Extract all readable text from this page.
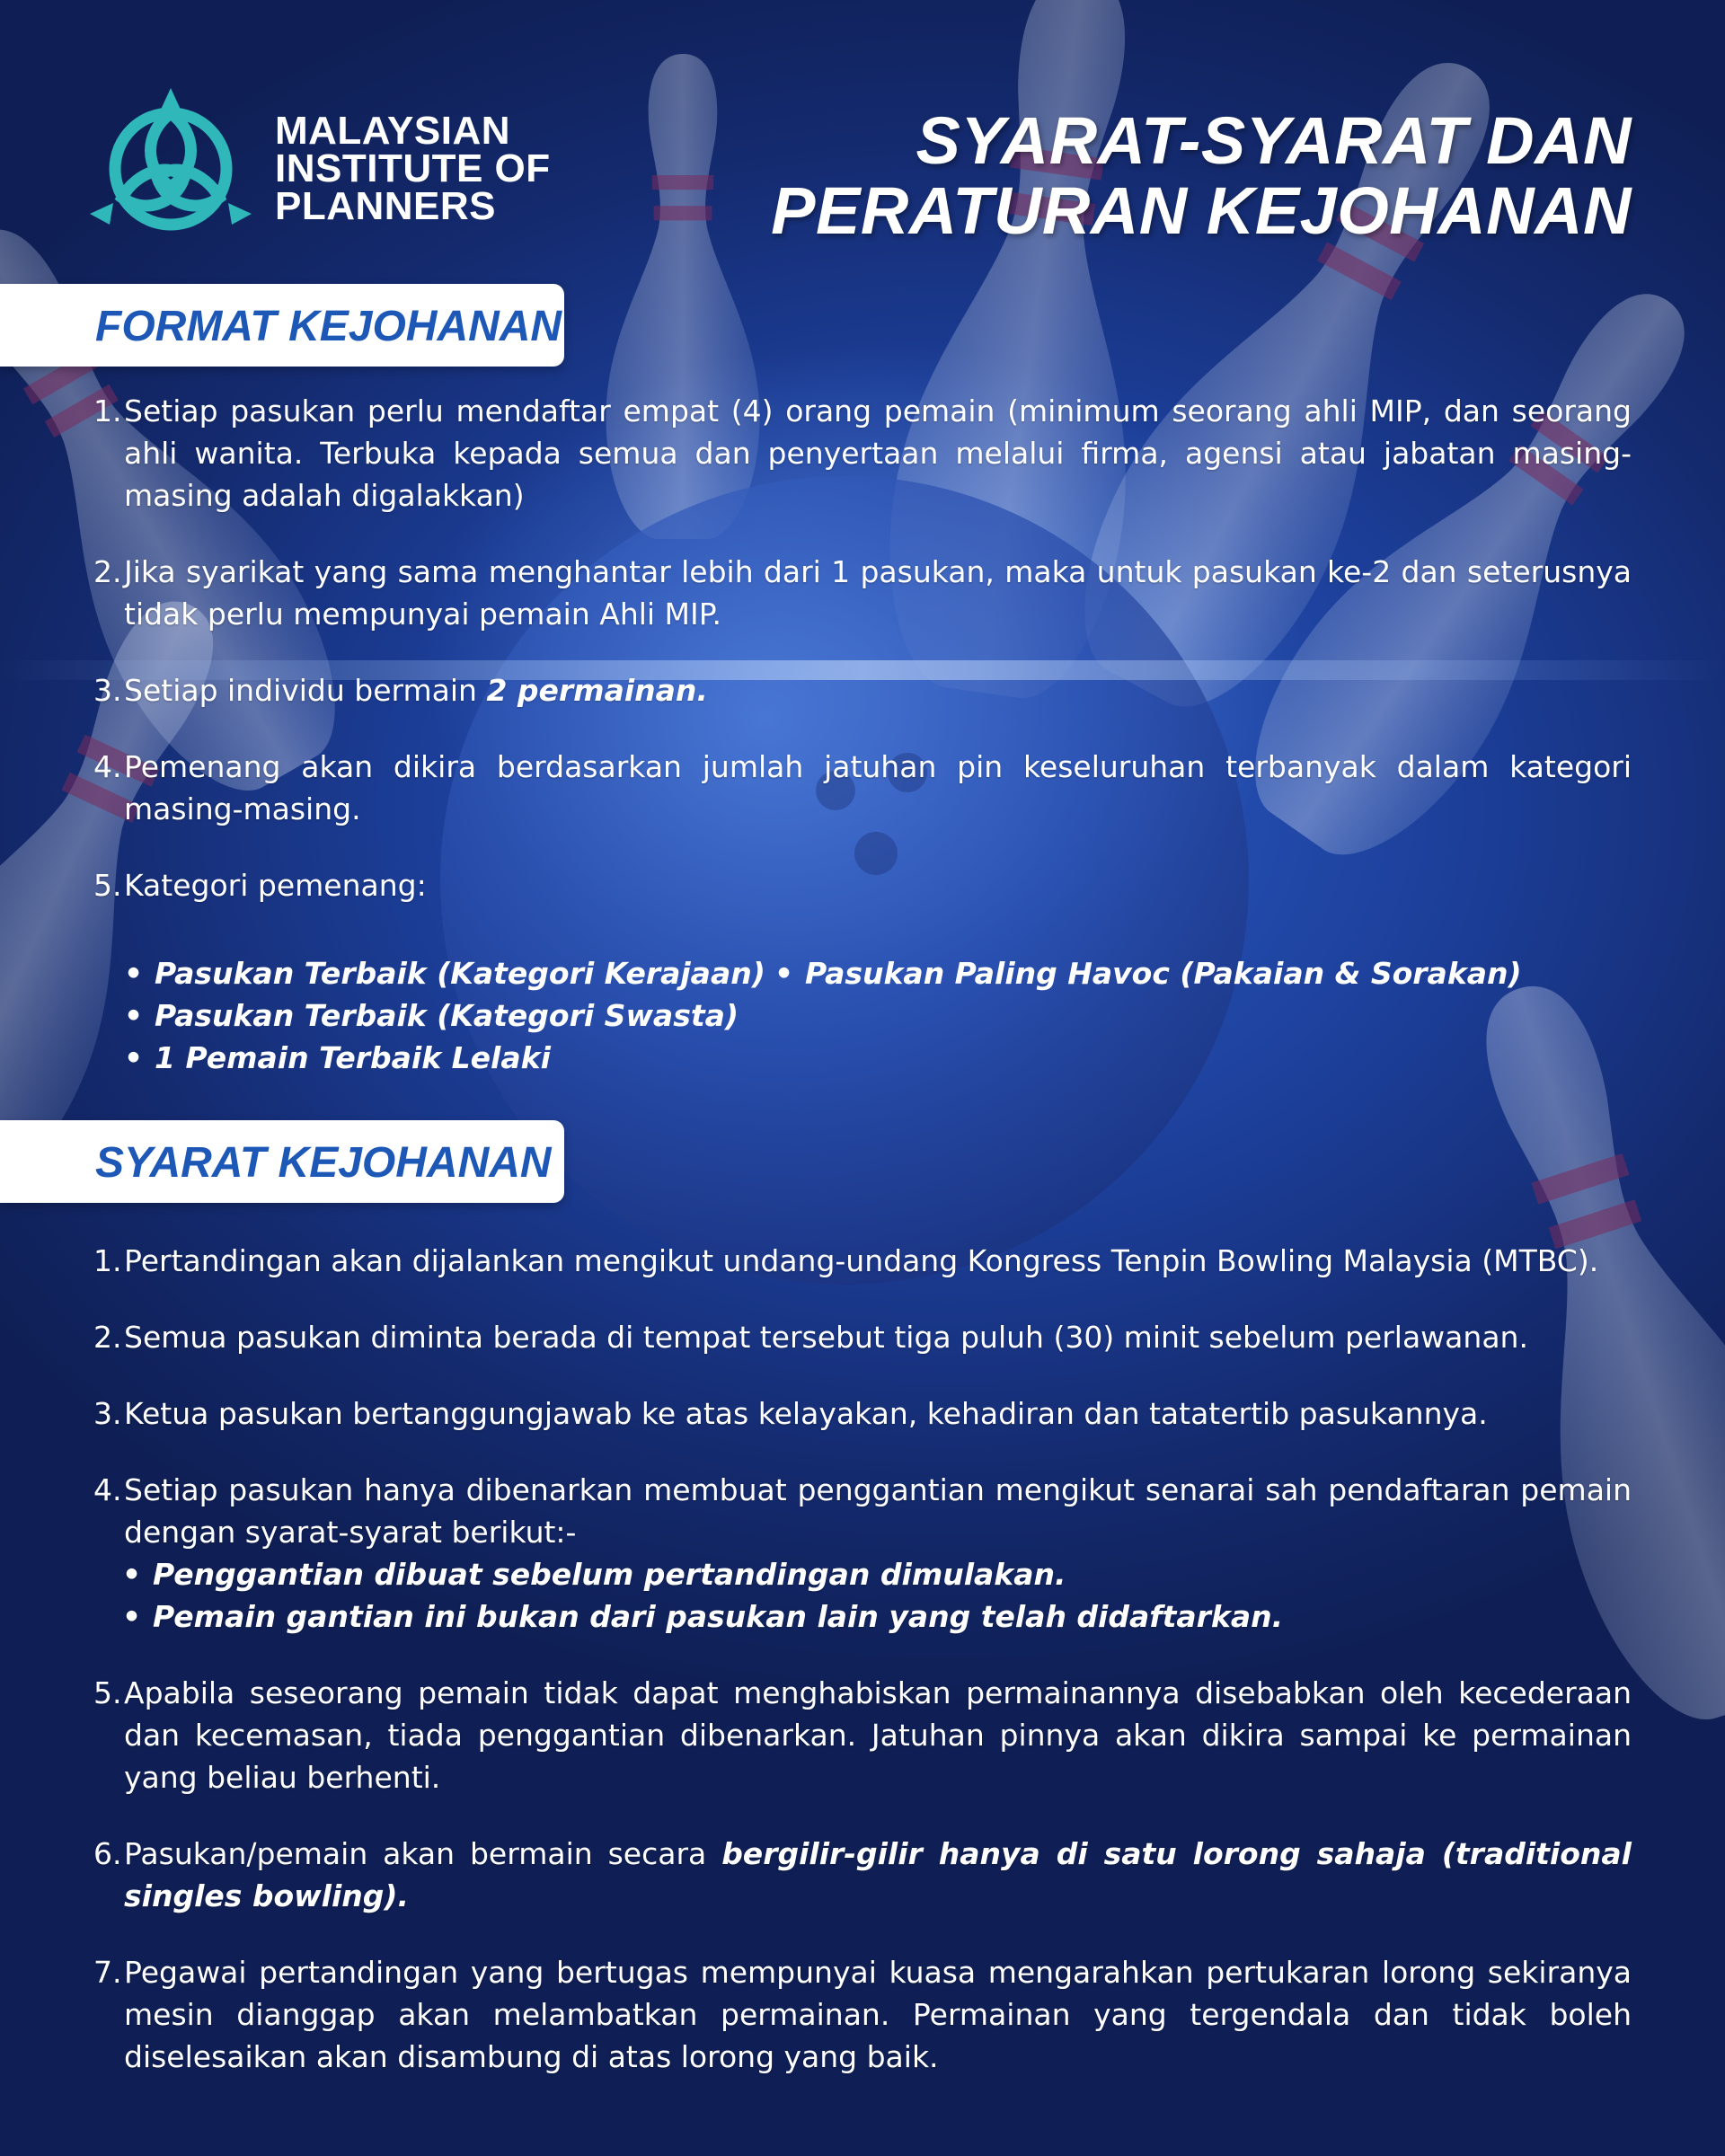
MALAYSIAN
INSTITUTE OF
PLANNERS
SYARAT-SYARAT DAN
PERATURAN KEJOHANAN
FORMAT KEJOHANAN
1. Setiap pasukan perlu mendaftar empat (4) orang pemain (minimum seorang ahli MIP, dan seorang ahli wanita. Terbuka kepada semua dan penyertaan melalui firma, agensi atau jabatan masing-masing adalah digalakkan)
2. Jika syarikat yang sama menghantar lebih dari 1 pasukan, maka untuk pasukan ke-2 dan seterusnya tidak perlu mempunyai pemain Ahli MIP.
3. Setiap individu bermain 2 permainan.
4. Pemenang akan dikira berdasarkan jumlah jatuhan pin keseluruhan terbanyak dalam kategori masing-masing.
5. Kategori pemenang:
• Pasukan Terbaik (Kategori Kerajaan)
• Pasukan Terbaik (Kategori Swasta)
• 1 Pemain Terbaik Lelaki
• Pasukan Paling Havoc (Pakaian & Sorakan)
SYARAT KEJOHANAN
1. Pertandingan akan dijalankan mengikut undang-undang Kongress Tenpin Bowling Malaysia (MTBC).
2. Semua pasukan diminta berada di tempat tersebut tiga puluh (30) minit sebelum perlawanan.
3. Ketua pasukan bertanggungjawab ke atas kelayakan, kehadiran dan tatatertib pasukannya.
4. Setiap pasukan hanya dibenarkan membuat penggantian mengikut senarai sah pendaftaran pemain dengan syarat-syarat berikut:-
• Penggantian dibuat sebelum pertandingan dimulakan.
• Pemain gantian ini bukan dari pasukan lain yang telah didaftarkan.
5. Apabila seseorang pemain tidak dapat menghabiskan permainannya disebabkan oleh kecederaan dan kecemasan, tiada penggantian dibenarkan. Jatuhan pinnya akan dikira sampai ke permainan yang beliau berhenti.
6. Pasukan/pemain akan bermain secara bergilir-gilir hanya di satu lorong sahaja (traditional singles bowling).
7. Pegawai pertandingan yang bertugas mempunyai kuasa mengarahkan pertukaran lorong sekiranya mesin dianggap akan melambatkan permainan. Permainan yang tergendala dan tidak boleh diselesaikan akan disambung di atas lorong yang baik.
